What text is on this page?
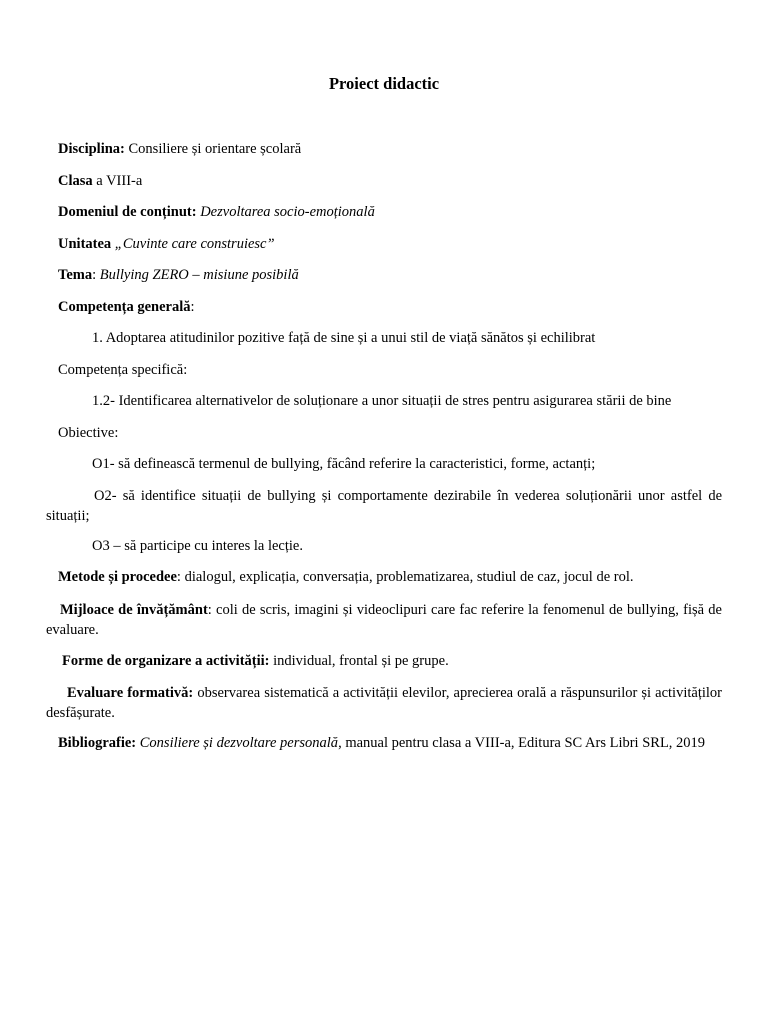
Proiect didactic
Disciplina: Consiliere și orientare școlară
Clasa a VIII-a
Domeniul de conținut: Dezvoltarea socio-emoțională
Unitatea „Cuvinte care construiesc”
Tema: Bullying ZERO – misiune posibilă
Competența generală:
1. Adoptarea atitudinilor pozitive față de sine și a unui stil de viață sănătos și echilibrat
Competența specifică:
1.2- Identificarea alternativelor de soluționare a unor situații de stres pentru asigurarea stării de bine
Obiective:
O1- să definească termenul de bullying, făcând referire la caracteristici, forme, actanți;
O2- să identifice situații de bullying și comportamente dezirabile în vederea soluționării unor astfel de situații;
O3 – să participe cu interes la lecție.
Metode și procedee: dialogul, explicația, conversația, problematizarea, studiul de caz, jocul de rol.
Mijloace de învățământ: coli de scris, imagini și videoclipuri care fac referire la fenomenul de bullying, fișă de evaluare.
Forme de organizare a activității: individual, frontal și pe grupe.
Evaluare formativă: observarea sistematică a activității elevilor, aprecierea orală a răspunsurilor și activităților desfășurate.
Bibliografie: Consiliere și dezvoltare personală, manual pentru clasa a VIII-a, Editura SC Ars Libri SRL, 2019
